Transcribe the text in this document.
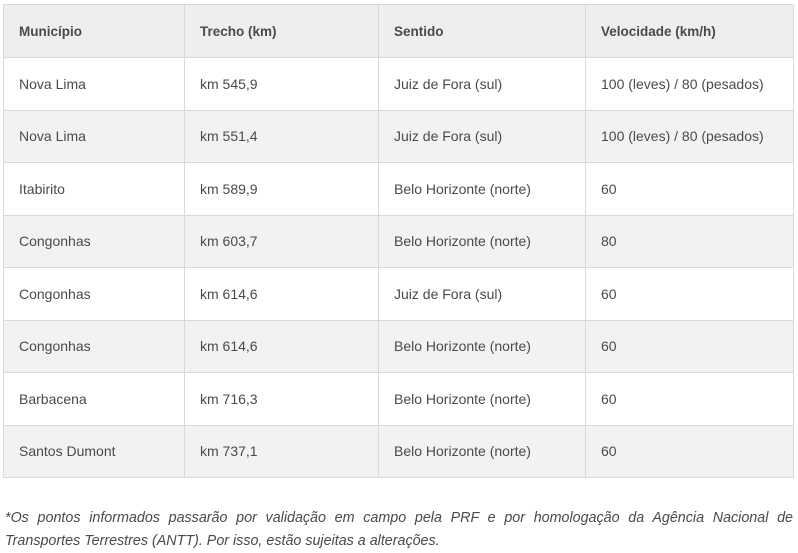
Município	Trecho (km)	Sentido	Velocidade (km/h)
Nova Lima	km 545,9	Juiz de Fora (sul)	100 (leves) / 80 (pesados)
Nova Lima	km 551,4	Juiz de Fora (sul)	100 (leves) / 80 (pesados)
Itabirito	km 589,9	Belo Horizonte (norte)	60
Congonhas	km 603,7	Belo Horizonte (norte)	80
Congonhas	km 614,6	Juiz de Fora (sul)	60
Congonhas	km 614,6	Belo Horizonte (norte)	60
Barbacena	km 716,3	Belo Horizonte (norte)	60
Santos Dumont	km 737,1	Belo Horizonte (norte)	60

*Os pontos informados passarão por validação em campo pela PRF e por homologação da Agência Nacional de Transportes Terrestres (ANTT). Por isso, estão sujeitas a alterações.
